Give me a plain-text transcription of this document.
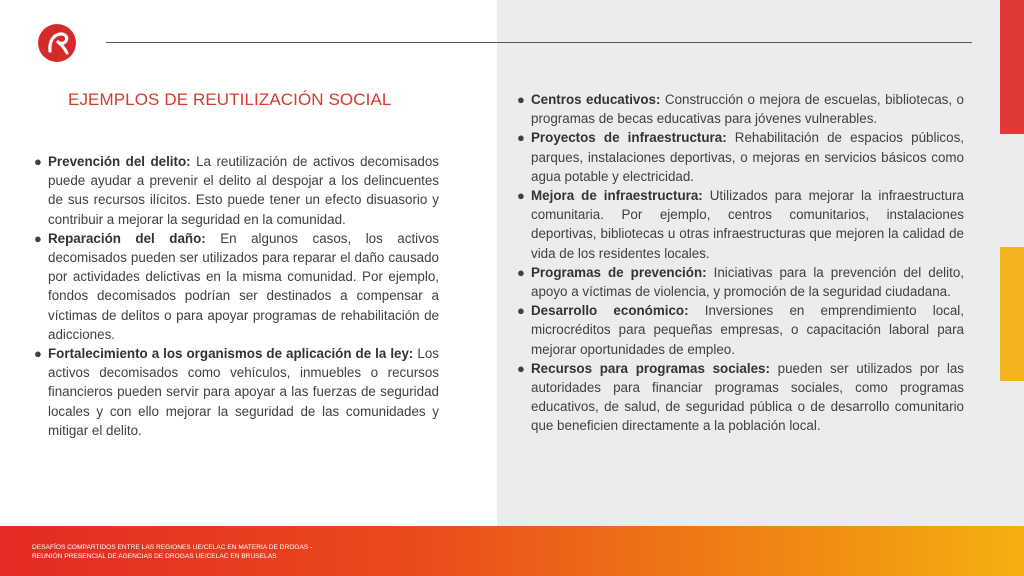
EJEMPLOS DE REUTILIZACIÓN SOCIAL
● Prevención del delito: La reutilización de activos decomisados puede ayudar a prevenir el delito al despojar a los delincuentes de sus recursos ilícitos. Esto puede tener un efecto disuasorio y contribuir a mejorar la seguridad en la comunidad.
● Reparación del daño: En algunos casos, los activos decomisados pueden ser utilizados para reparar el daño causado por actividades delictivas en la misma comunidad. Por ejemplo, fondos decomisados podrían ser destinados a compensar a víctimas de delitos o para apoyar programas de rehabilitación de adicciones.
● Fortalecimiento a los organismos de aplicación de la ley: Los activos decomisados como vehículos, inmuebles o recursos financieros pueden servir para apoyar a las fuerzas de seguridad locales y con ello mejorar la seguridad de las comunidades y mitigar el delito.
● Centros educativos: Construcción o mejora de escuelas, bibliotecas, o programas de becas educativas para jóvenes vulnerables.
● Proyectos de infraestructura: Rehabilitación de espacios públicos, parques, instalaciones deportivas, o mejoras en servicios básicos como agua potable y electricidad.
● Mejora de infraestructura: Utilizados para mejorar la infraestructura comunitaria. Por ejemplo, centros comunitarios, instalaciones deportivas, bibliotecas u otras infraestructuras que mejoren la calidad de vida de los residentes locales.
● Programas de prevención: Iniciativas para la prevención del delito, apoyo a víctimas de violencia, y promoción de la seguridad ciudadana.
● Desarrollo económico: Inversiones en emprendimiento local, microcréditos para pequeñas empresas, o capacitación laboral para mejorar oportunidades de empleo.
● Recursos para programas sociales: pueden ser utilizados por las autoridades para financiar programas sociales, como programas educativos, de salud, de seguridad pública o de desarrollo comunitario que beneficien directamente a la población local.
DESAFÍOS COMPARTIDOS ENTRE LAS REGIONES UE/CELAC EN MATERIA DE DROGAS -
REUNIÓN PRESENCIAL DE AGENCIAS DE DROGAS UE/CELAC EN BRUSELAS
